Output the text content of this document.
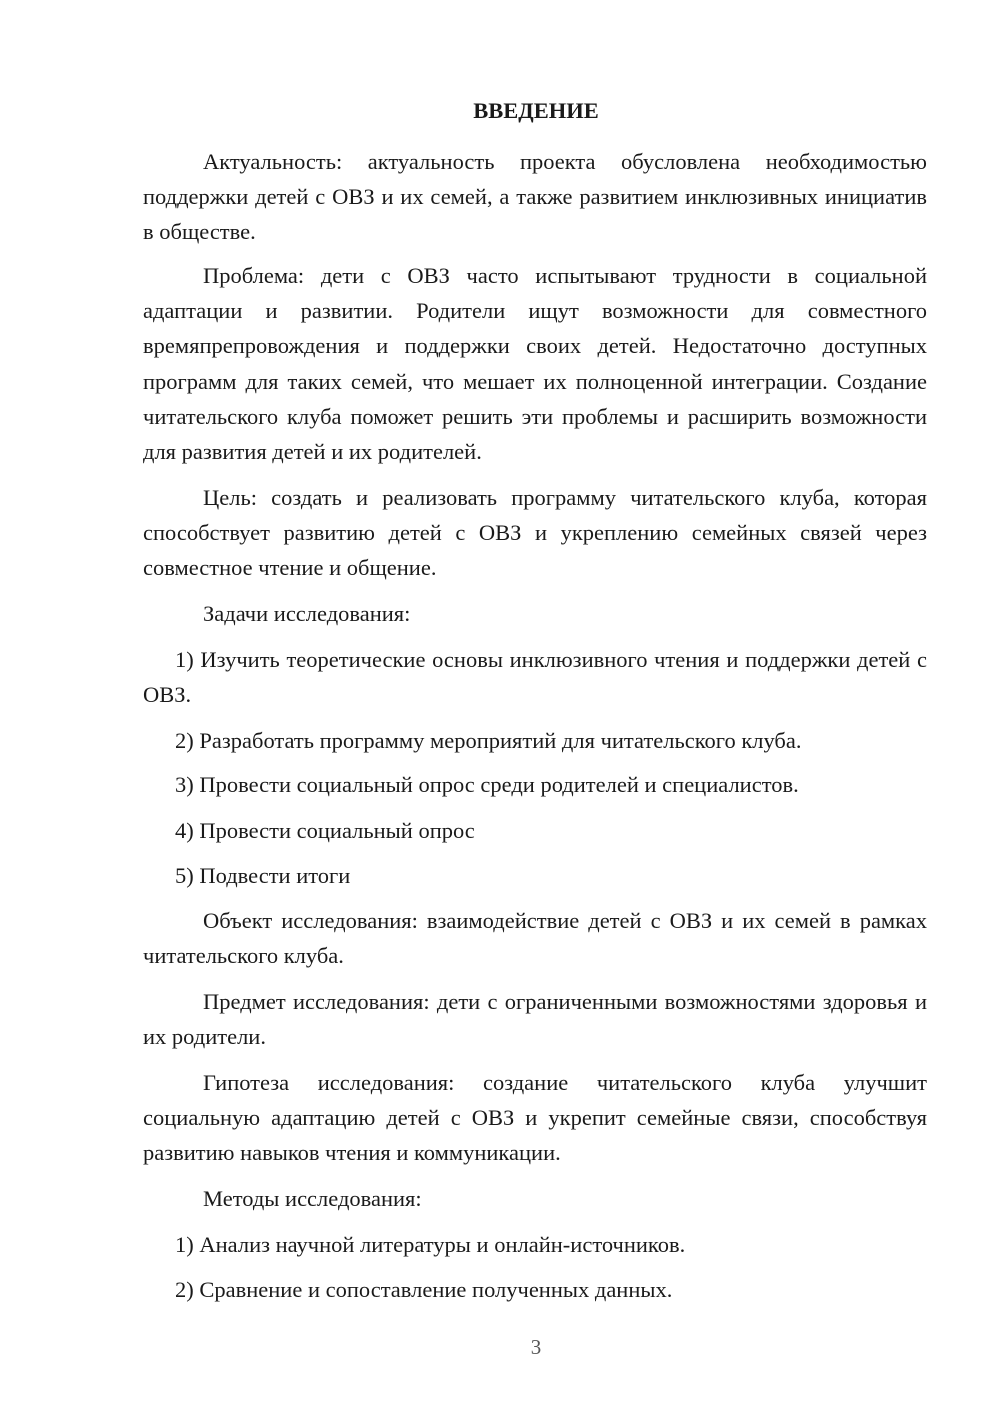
ВВЕДЕНИЕ

Актуальность: актуальность проекта обусловлена необходимостью поддержки детей с ОВЗ и их семей, а также развитием инклюзивных инициатив в обществе.

Проблема: дети с ОВЗ часто испытывают трудности в социальной адаптации и развитии. Родители ищут возможности для совместного времяпрепровождения и поддержки своих детей. Недостаточно доступных программ для таких семей, что мешает их полноценной интеграции. Создание читательского клуба поможет решить эти проблемы и расширить возможности для развития детей и их родителей.

Цель: создать и реализовать программу читательского клуба, которая способствует развитию детей с ОВЗ и укреплению семейных связей через совместное чтение и общение.

Задачи исследования:

1) Изучить теоретические основы инклюзивного чтения и поддержки детей с ОВЗ.

2) Разработать программу мероприятий для читательского клуба.

3) Провести социальный опрос среди родителей и специалистов.

4) Провести социальный опрос

5) Подвести итоги

Объект исследования: взаимодействие детей с ОВЗ и их семей в рамках читательского клуба.

Предмет исследования: дети с ограниченными возможностями здоровья и их родители.

Гипотеза исследования: создание читательского клуба улучшит социальную адаптацию детей с ОВЗ и укрепит семейные связи, способствуя развитию навыков чтения и коммуникации.

Методы исследования:

1) Анализ научной литературы и онлайн-источников.

2) Сравнение и сопоставление полученных данных.

3
